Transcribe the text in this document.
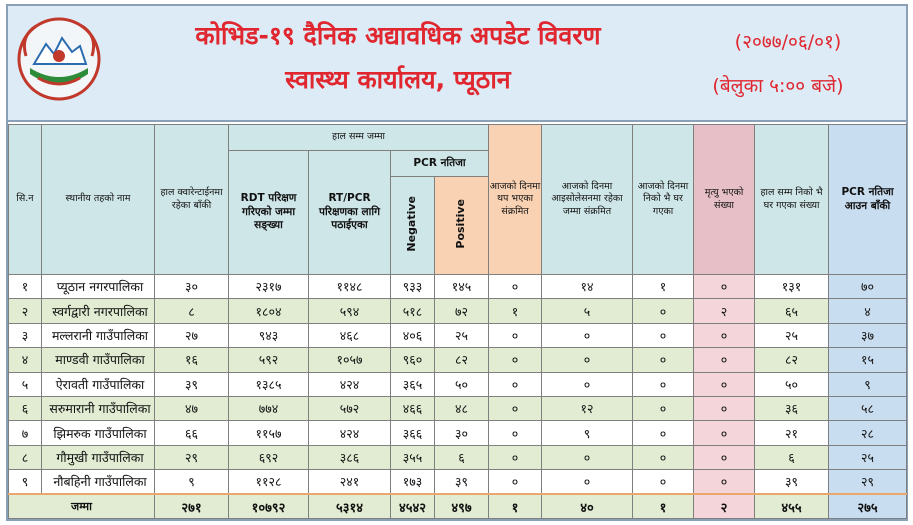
कोभिड-१९ दैनिक अद्यावधिक अपडेट विवरण
स्वास्थ्य कार्यालय, प्यूठान
(२०७७/०६/०१)
(बेलुका ५:०० बजे)
सि.न	स्थानीय तहको नाम	हाल क्वारेन्टाईनमा रहेका बाँकी	हाल सम्म जम्मा				आजको दिनमा थप भएका संक्रमित	आजको दिनमा आइसोलेसनमा रहेका जम्मा संक्रमित	आजको दिनमा निको भै घर गएका	मृत्यु भएको संख्या	हाल सम्म निको भै घर गएका संख्या	PCR नतिजा आउन बाँकी
			RDT परिक्षण गरिएको जम्मा सङ्ख्या	RT/PCR परिक्षणका लागि पठाईएका	PCR नतिजा							
					Negative	Positive						
१	प्यूठान नगरपालिका	३०	२३१७	११४८	९३३	१४५	०	१४	१	०	१३१	७०
२	स्वर्गद्वारी नगरपालिका	८	१८०४	५९४	५१८	७२	१	५	०	२	६५	४
३	मल्लरानी गाउँपालिका	२७	९४३	४६८	४०६	२५	०	०	०	०	२५	३७
४	माण्डवी गाउँपालिका	१६	५९२	१०५७	९६०	८२	०	०	०	०	८२	१५
५	ऐरावती गाउँपालिका	३९	१३८५	४२४	३६५	५०	०	०	०	०	५०	९
६	सरुमारानी गाउँपालिका	४७	७७४	५७२	४६६	४८	०	१२	०	०	३६	५८
७	झिमरुक गाउँपालिका	६६	११५७	४२४	३६६	३०	०	९	०	०	२१	२८
८	गौमुखी गाउँपालिका	२९	६९२	३८६	३५५	६	०	०	०	०	६	२५
९	नौबहिनी गाउँपालिका	९	११२८	२४१	१७३	३९	०	०	०	०	३९	२९
जम्मा		२७१	१०७९२	५३१४	४५४२	४९७	१	४०	१	२	४५५	२७५
